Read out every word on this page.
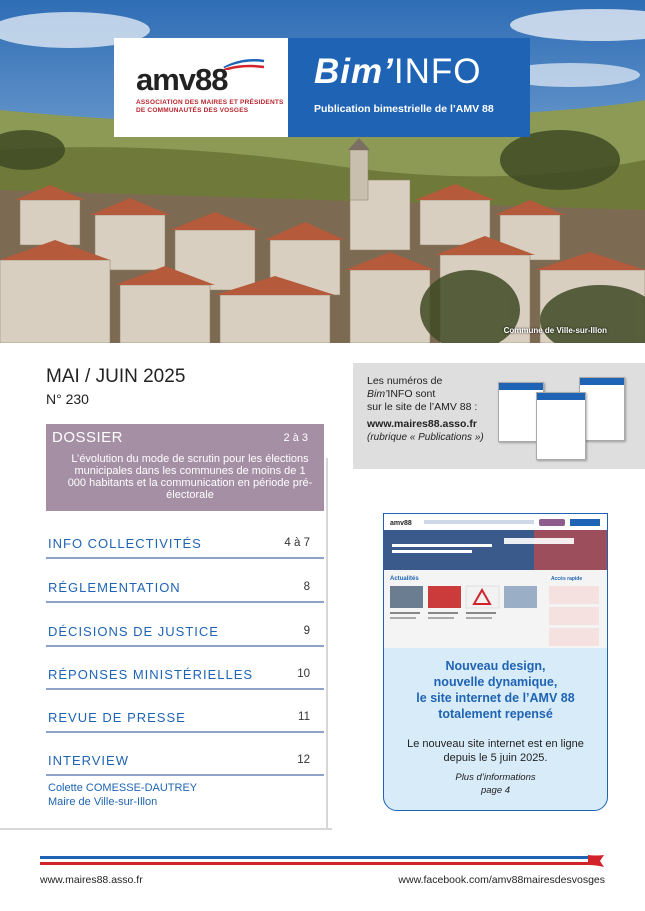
Commune de Ville-sur-Illon
amv88
ASSOCIATION DES MAIRES ET PRÉSIDENTS DE COMMUNAUTÉS DES VOSGES
Bim’INFO
Publication bimestrielle de l’AMV 88
MAI / JUIN 2025
N° 230
DOSSIER	2 à 3
L’évolution du mode de scrutin pour les élections municipales dans les communes de moins de 1 000 habitants et la communication en période pré-électorale
INFO COLLECTIVITÉS	4 à 7
RÉGLEMENTATION	8
DÉCISIONS DE JUSTICE	9
RÉPONSES MINISTÉRIELLES	10
REVUE DE PRESSE	11
INTERVIEW	12
Colette COMESSE-DAUTREY
Maire de Ville-sur-Illon
Les numéros de
Bim’INFO sont
sur le site de l’AMV 88 :
www.maires88.asso.fr
(rubrique « Publications »)
amv88
Actualités	Accès rapide
Nouveau design,
nouvelle dynamique,
le site internet de l’AMV 88
totalement repensé
Le nouveau site internet est en ligne
depuis le 5 juin 2025.
Plus d’informations
page 4
www.maires88.asso.fr	www.facebook.com/amv88mairesdesvosges
